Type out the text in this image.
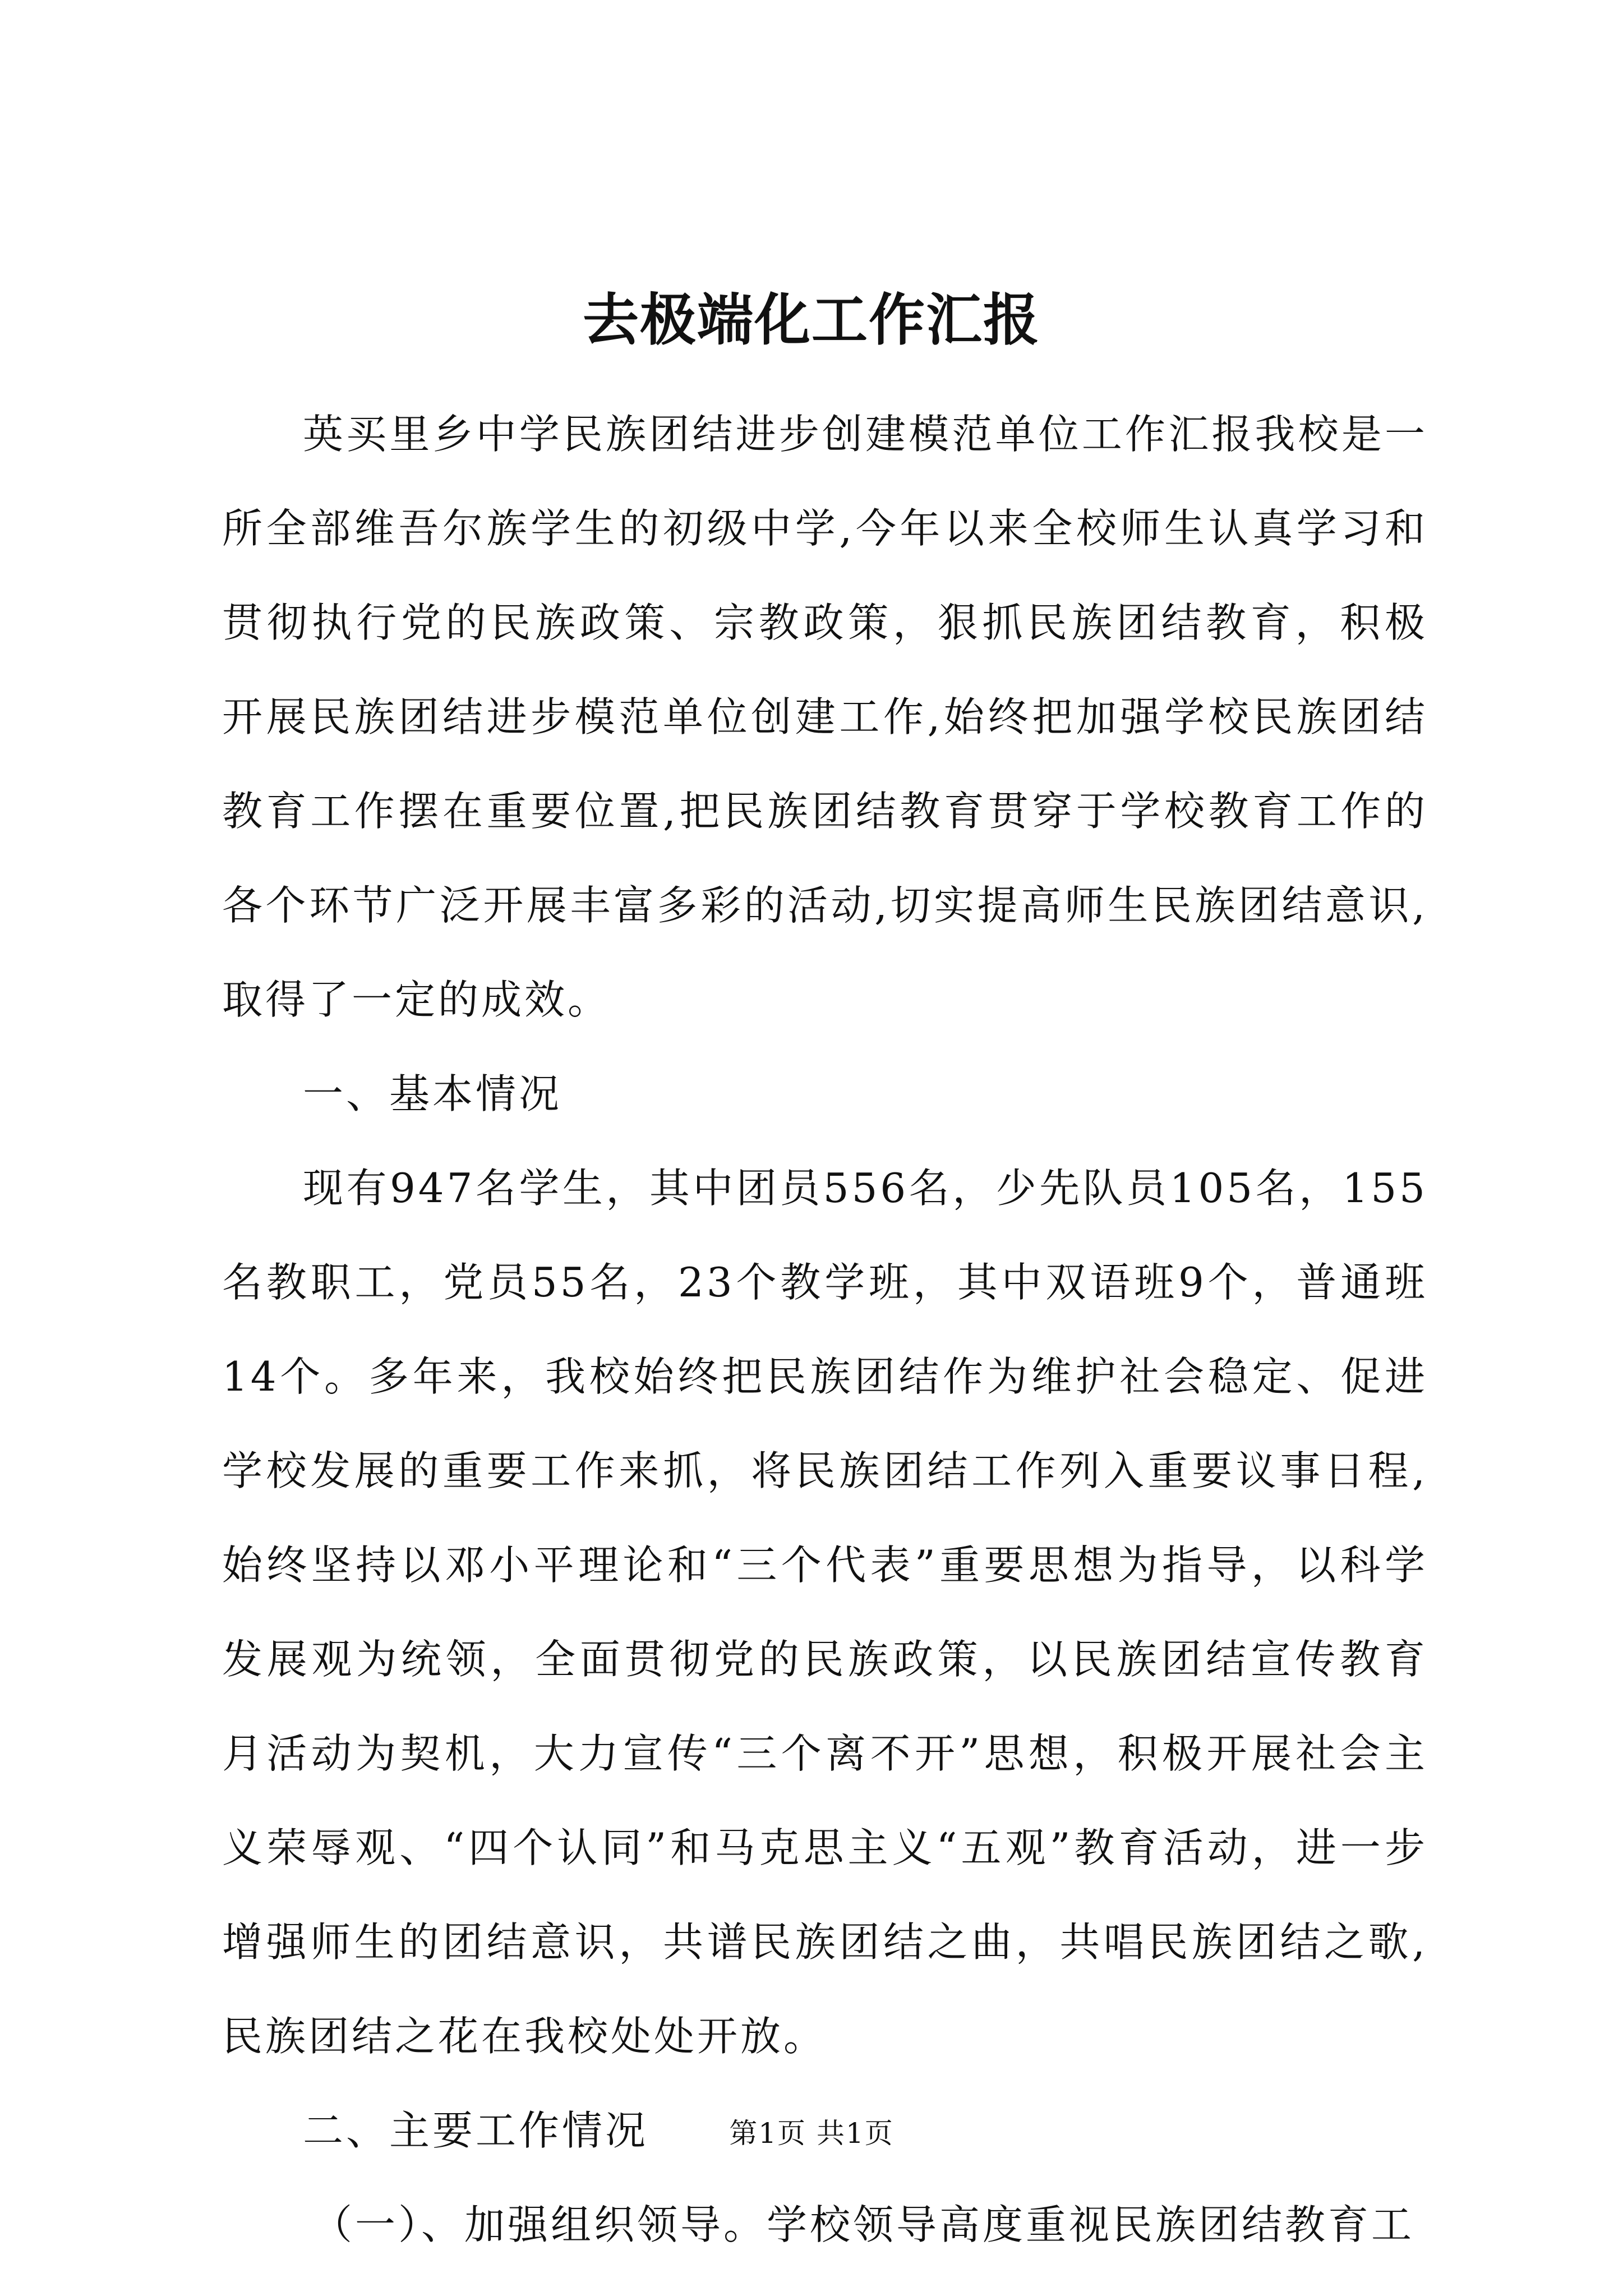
去极端化工作汇报

英买里乡中学民族团结进步创建模范单位工作汇报我校是一所全部维吾尔族学生的初级中学,今年以来全校师生认真学习和贯彻执行党的民族政策、宗教政策，狠抓民族团结教育，积极开展民族团结进步模范单位创建工作,始终把加强学校民族团结教育工作摆在重要位置,把民族团结教育贯穿于学校教育工作的各个环节广泛开展丰富多彩的活动,切实提高师生民族团结意识,取得了一定的成效。

一、基本情况

现有947名学生，其中团员556名，少先队员105名，155名教职工，党员55名，23个教学班，其中双语班9个，普通班14个。多年来，我校始终把民族团结作为维护社会稳定、促进学校发展的重要工作来抓，将民族团结工作列入重要议事日程,始终坚持以邓小平理论和“三个代表”重要思想为指导，以科学发展观为统领，全面贯彻党的民族政策，以民族团结宣传教育月活动为契机，大力宣传“三个离不开”思想，积极开展社会主义荣辱观、“四个认同”和马克思主义“五观”教育活动，进一步增强师生的团结意识，共谱民族团结之曲，共唱民族团结之歌,民族团结之花在我校处处开放。

二、主要工作情况

（一）、加强组织领导。学校领导高度重视民族团结教育工

第1页 共1页
